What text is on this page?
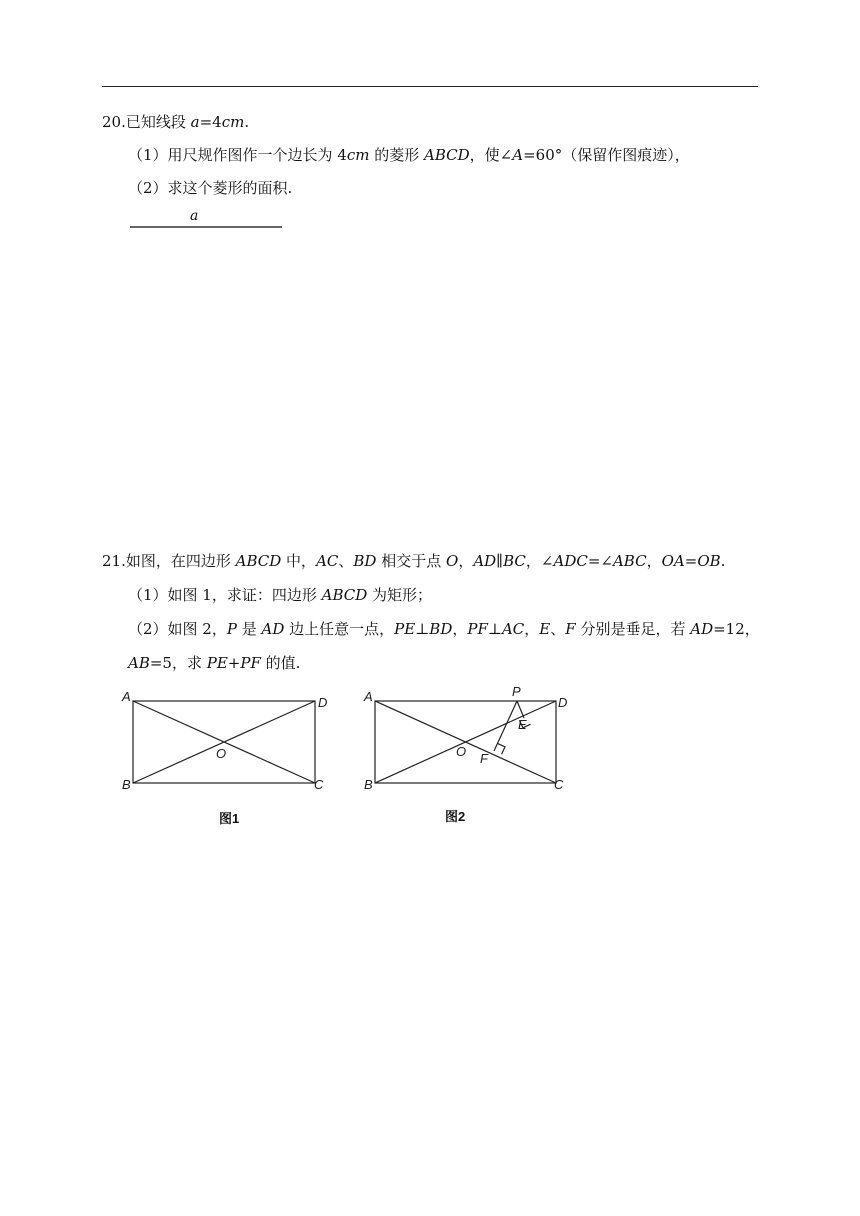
20.已知线段 a=4cm.
（1）用尺规作图作一个边长为 4cm 的菱形 ABCD，使∠A=60°（保留作图痕迹），
（2）求这个菱形的面积.
a
21.如图，在四边形 ABCD 中，AC、BD 相交于点 O，AD∥BC，∠ADC=∠ABC，OA=OB.
（1）如图 1，求证：四边形 ABCD 为矩形；
（2）如图 2，P 是 AD 边上任意一点，PE⊥BD，PF⊥AC，E、F 分别是垂足，若 AD=12，
AB=5，求 PE+PF 的值.
A	D
B	C
O
图1
A	P
D
E
O F
B	C
图2
